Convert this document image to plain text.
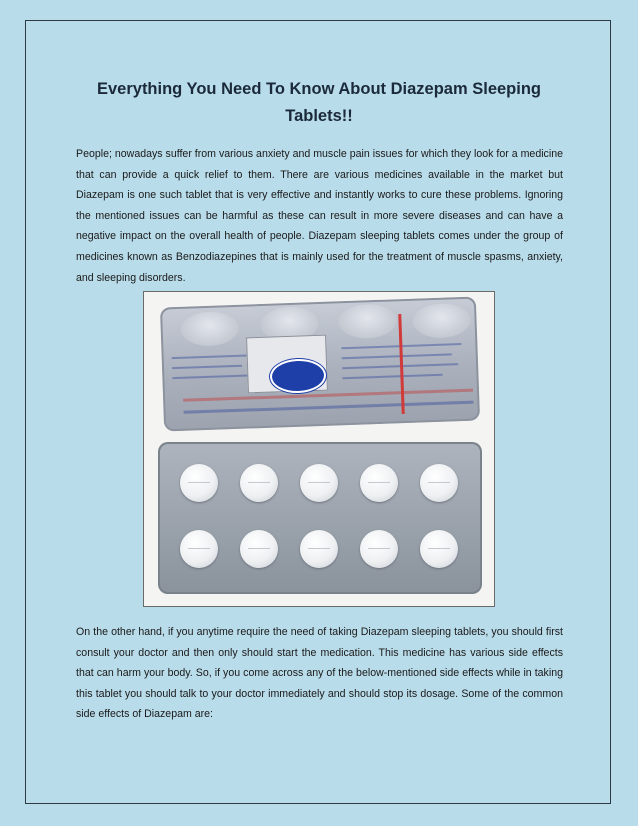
Everything You Need To Know About Diazepam Sleeping Tablets!!

People; nowadays suffer from various anxiety and muscle pain issues for which they look for a medicine that can provide a quick relief to them. There are various medicines available in the market but Diazepam is one such tablet that is very effective and instantly works to cure these problems. Ignoring the mentioned issues can be harmful as these can result in more severe diseases and can have a negative impact on the overall health of people. Diazepam sleeping tablets comes under the group of medicines known as Benzodiazepines that is mainly used for the treatment of muscle spasms, anxiety, and sleeping disorders.

On the other hand, if you anytime require the need of taking Diazepam sleeping tablets, you should first consult your doctor and then only should start the medication. This medicine has various side effects that can harm your body. So, if you come across any of the below-mentioned side effects while in taking this tablet you should talk to your doctor immediately and should stop its dosage. Some of the common side effects of Diazepam are:
